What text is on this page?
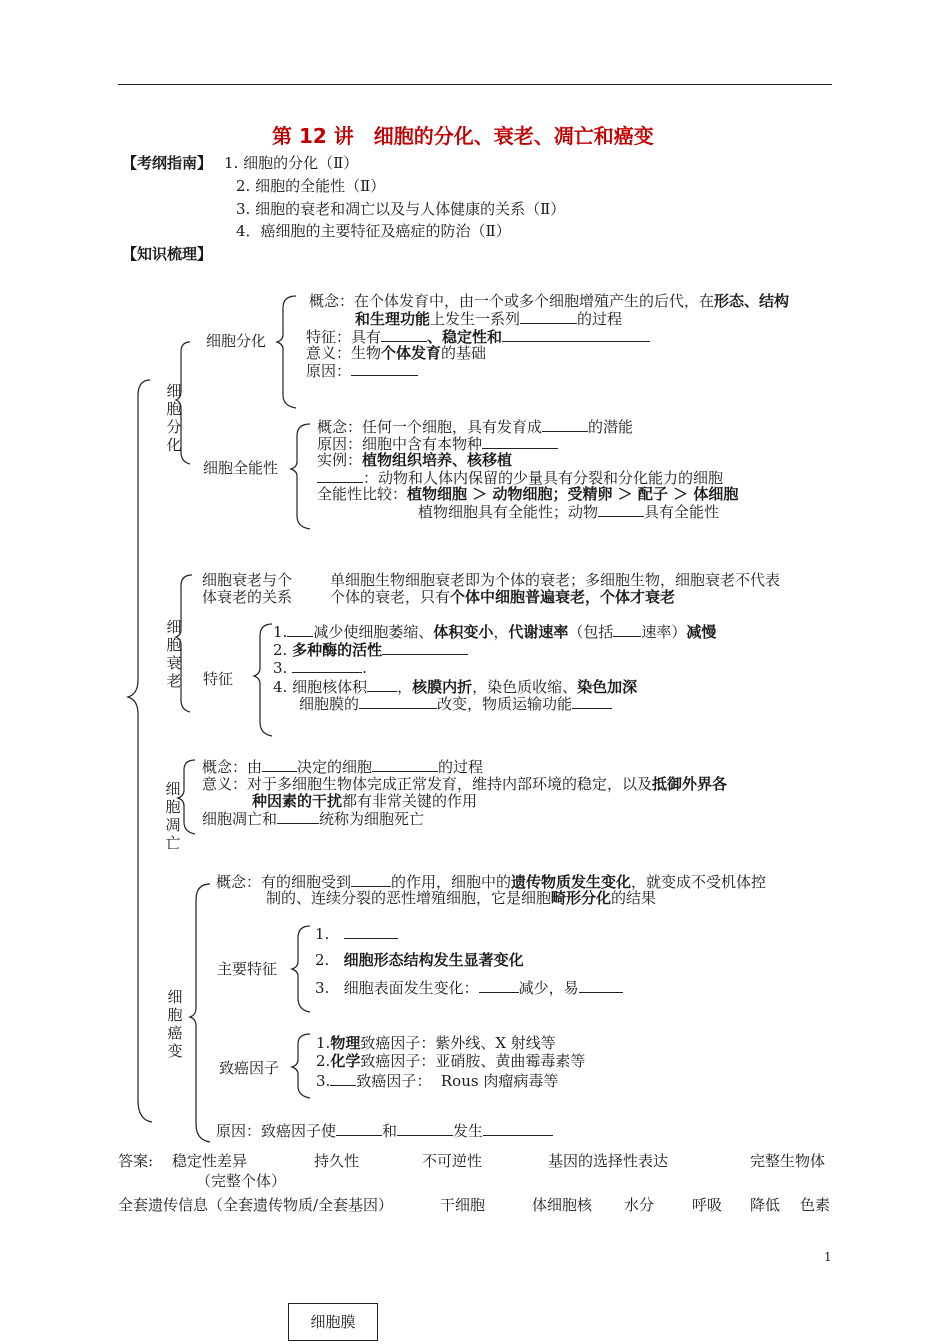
第 12 讲　细胞的分化、衰老、凋亡和癌变
【考纲指南】 1. 细胞的分化（Ⅱ）
2. 细胞的全能性（Ⅱ）
3. 细胞的衰老和凋亡以及与人体健康的关系（Ⅱ）
4．癌细胞的主要特征及癌症的防治（Ⅱ）
【知识梳理】
细胞分化
细胞衰老
细胞凋亡
细胞癌变
细胞分化
概念：在个体发育中，由一个或多个细胞增殖产生的后代，在形态、结构
和生理功能上发生一系列	的过程
特征：具有	、稳定性和
意义：生物个体发育的基础
原因：
细胞全能性
概念：任何一个细胞，具有发育成	的潜能
原因：细胞中含有本物种
实例：植物组织培养、核移植
：动物和人体内保留的少量具有分裂和分化能力的细胞
全能性比较：植物细胞 ＞ 动物细胞；受精卵 ＞ 配子 ＞ 体细胞
植物细胞具有全能性；动物	具有全能性
细胞衰老与个
体衰老的关系
单细胞生物细胞衰老即为个体的衰老；多细胞生物，细胞衰老不代表
个体的衰老，只有个体中细胞普遍衰老，个体才衰老
特征
1. 减少使细胞萎缩、体积变小，代谢速率（包括 速率）减慢
2. 多种酶的活性
3.	.
4. 细胞核体积 ，核膜内折，染色质收缩、染色加深
细胞膜的	改变，物质运输功能
概念：由 决定的细胞	的过程
意义：对于多细胞生物体完成正常发育，维持内部环境的稳定，以及抵御外界各
种因素的干扰都有非常关键的作用
细胞凋亡和	统称为细胞死亡
概念：有的细胞受到	的作用，细胞中的遗传物质发生变化，就变成不受机体控
制的、连续分裂的恶性增殖细胞，它是细胞畸形分化的结果
主要特征
1.
2. 细胞形态结构发生显著变化
3. 细胞表面发生变化：	减少，易
致癌因子
1.物理致癌因子：紫外线、X 射线等
2.化学致癌因子：亚硝胺、黄曲霉毒素等
3. 致癌因子： Rous 肉瘤病毒等
原因：致癌因子使	和	发生
答案: 稳定性差异	持久性	不可逆性	基因的选择性表达	完整生物体
（完整个体）
全套遗传信息（全套遗传物质/全套基因）	干细胞	体细胞核 水分	呼吸 降低 色素
1
细胞膜
